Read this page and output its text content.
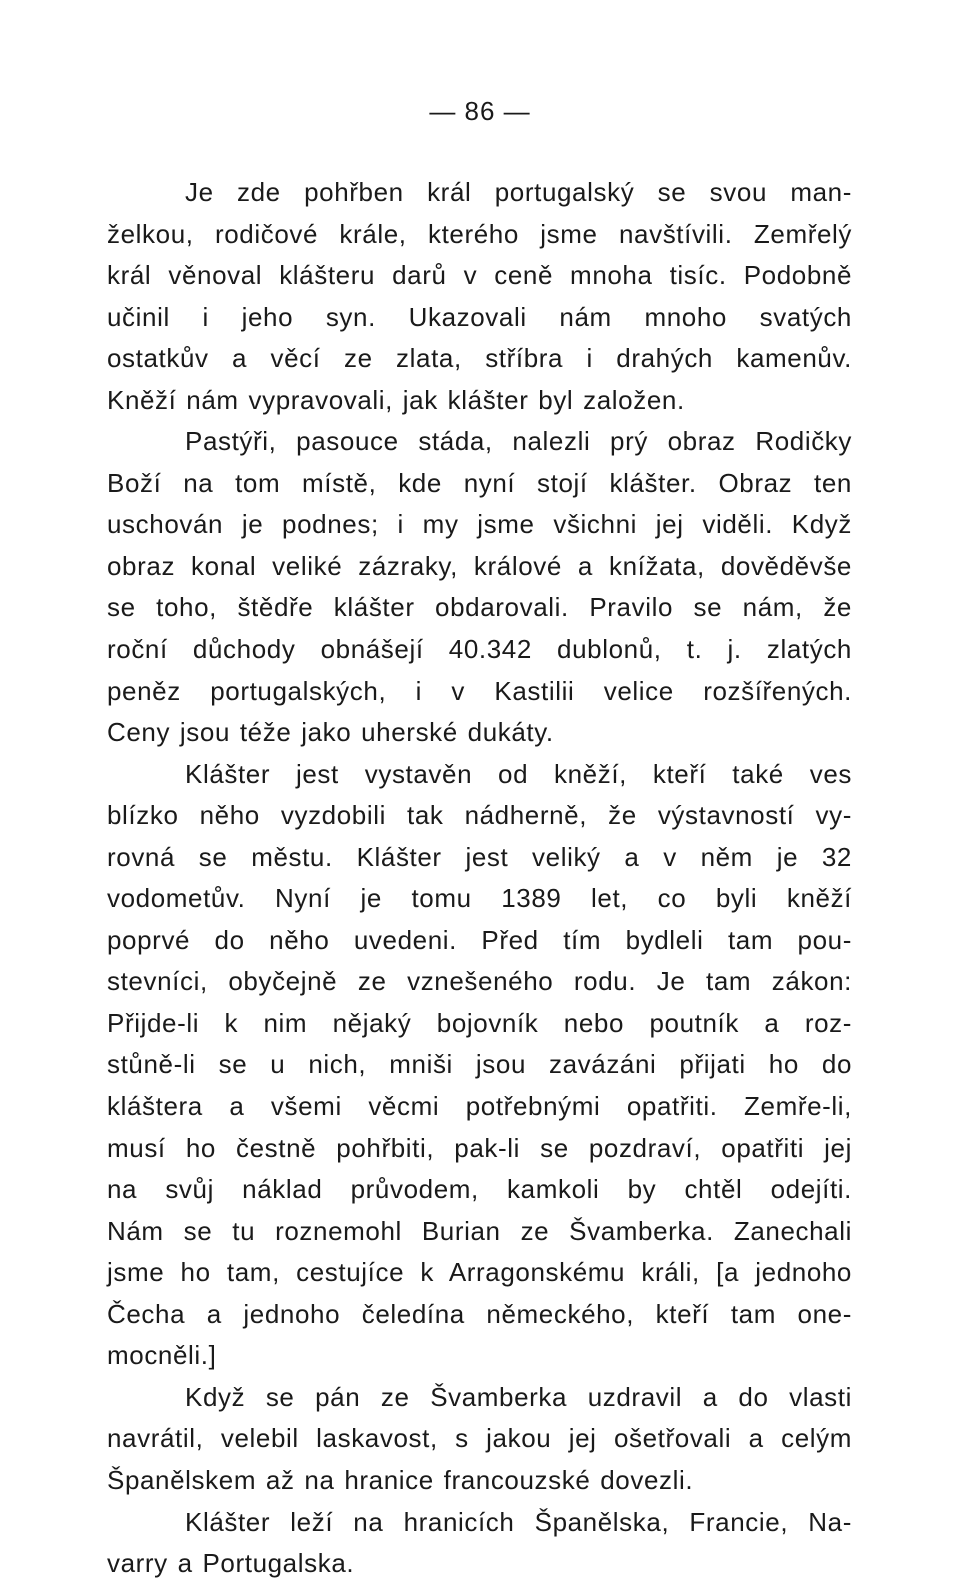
— 86 —
Je zde pohřben král portugalský se svou man-
želkou, rodičové krále, kterého jsme navštívili. Zemřelý
král věnoval klášteru darů v ceně mnoha tisíc. Podobně
učinil i jeho syn. Ukazovali nám mnoho svatých
ostatkův a věcí ze zlata, stříbra i drahých kamenův.
Kněží nám vypravovali, jak klášter byl založen.
Pastýři, pasouce stáda, nalezli prý obraz Rodičky
Boží na tom místě, kde nyní stojí klášter. Obraz ten
uschován je podnes; i my jsme všichni jej viděli. Když
obraz konal veliké zázraky, králové a knížata, dověděvše
se toho, štědře klášter obdarovali. Pravilo se nám, že
roční důchody obnášejí 40.342 dublonů, t. j. zlatých
peněz portugalských, i v Kastilii velice rozšířených.
Ceny jsou téže jako uherské dukáty.
Klášter jest vystavěn od kněží, kteří také ves
blízko něho vyzdobili tak nádherně, že výstavností vy-
rovná se městu. Klášter jest veliký a v něm je 32
vodometův. Nyní je tomu 1389 let, co byli kněží
poprvé do něho uvedeni. Před tím bydleli tam pou-
stevníci, obyčejně ze vznešeného rodu. Je tam zákon:
Přijde-li k nim nějaký bojovník nebo poutník a roz-
stůně-li se u nich, mniši jsou zavázáni přijati ho do
kláštera a všemi věcmi potřebnými opatřiti. Zemře-li,
musí ho čestně pohřbiti, pak-li se pozdraví, opatřiti jej
na svůj náklad průvodem, kamkoli by chtěl odejíti.
Nám se tu roznemohl Burian ze Švamberka. Zanechali
jsme ho tam, cestujíce k Arragonskému králi, [a jednoho
Čecha a jednoho čeledína německého, kteří tam one-
mocněli.]
Když se pán ze Švamberka uzdravil a do vlasti
navrátil, velebil laskavost, s jakou jej ošetřovali a celým
Španělskem až na hranice francouzské dovezli.
Klášter leží na hranicích Španělska, Francie, Na-
varry a Portugalska.
